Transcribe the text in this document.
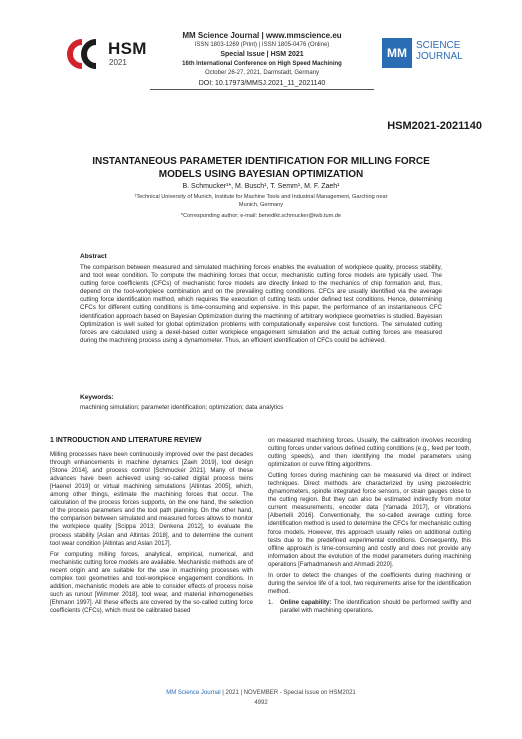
HSM
2021
MM Science Journal | www.mmscience.eu
ISSN 1803-1269 (Print) | ISSN 1805-0476 (Online)
Special Issue | HSM 2021
16th International Conference on High Speed Machining
October 26-27, 2021, Darmstadt, Germany
DOI: 10.17973/MMSJ.2021_11_2021140
MM
SCIENCE
JOURNAL
HSM2021-2021140
INSTANTANEOUS PARAMETER IDENTIFICATION FOR MILLING FORCE
MODELS USING BAYESIAN OPTIMIZATION
B. Schmucker¹*, M. Busch¹, T. Semm¹, M. F. Zaeh¹
¹Technical University of Munich, Institute for Machine Tools and Industrial Management, Garching near Munich, Germany
*Corresponding author; e-mail: benedikt.schmucker@iwb.tum.de
Abstract
The comparison between measured and simulated machining forces enables the evaluation of workpiece quality, process stability, and tool wear condition. To compute the machining forces that occur, mechanistic cutting force models are typically used. The cutting force coefficients (CFCs) of mechanistic force models are directly linked to the mechanics of chip formation and, thus, depend on the tool-workpiece combination and on the prevailing cutting conditions. CFCs are usually identified via the average cutting force identification method, which requires the execution of cutting tests under defined test conditions. Hence, determining CFCs for different cutting conditions is time-consuming and expensive. In this paper, the performance of an instantaneous CFC identification approach based on Bayesian Optimization during the machining of arbitrary workpiece geometries is studied. Bayesian Optimization is well suited for global optimization problems with computationally expensive cost functions. The simulated cutting forces are calculated using a dexel-based cutter workpiece engagement simulation and the actual cutting forces are measured during the machining process using a dynamometer. Thus, an efficient identification of CFCs could be achieved.
Keywords:
machining simulation; parameter identification; optimization; data analytics
1 INTRODUCTION AND LITERATURE REVIEW
Milling processes have been continuously improved over the past decades through enhancements in machine dynamics [Zaeh 2019], tool design [Stone 2014], and process control [Schmucker 2021]. Many of these advances have been achieved using so-called digital process twins [Haenel 2019] or virtual machining simulations [Altintas 2005], which, among other things, estimate the machining forces that occur. The calculation of the process forces supports, on the one hand, the selection of the process parameters and the tool path planning. On the other hand, the comparison between simulated and measured forces allows to monitor the workpiece quality [Scippa 2013; Denkena 2012], to evaluate the process stability [Aslan and Altintas 2018], and to determine the current tool wear condition [Altintas and Aslan 2017].
For computing milling forces, analytical, empirical, numerical, and mechanistic cutting force models are available. Mechanistic methods are of recent origin and are suitable for the use in machining processes with complex tool geometries and tool-workpiece engagement conditions. In addition, mechanistic models are able to consider effects of process noise such as runout [Wimmer 2018], tool wear, and material inhomogeneities [Ehmann 1997]. All these effects are covered by the so-called cutting force coefficients (CFCs), which must be calibrated based
on measured machining forces. Usually, the calibration involves recording cutting forces under various defined cutting conditions (e.g., feed per tooth, cutting speeds), and then identifying the model parameters using optimization or curve fitting algorithms.
Cutting forces during machining can be measured via direct or indirect techniques. Direct methods are characterized by using piezoelectric dynamometers, spindle integrated force sensors, or strain gauges close to the cutting region. But they can also be estimated indirectly from motor current measurements, encoder data [Yamada 2017], or vibrations [Albertelli 2016]. Conventionally, the so-called average cutting force identification method is used to determine the CFCs for mechanistic cutting force models. However, this approach usually relies on additional cutting tests due to the predefined experimental conditions. Consequently, this offline approach is time-consuming and costly and does not provide any information about the evolution of the model parameters during machining operations [Farhadmanesh and Ahmadi 2020].
In order to detect the changes of the coefficients during machining or during the service life of a tool, two requirements arise for the identification method.
1.	Online capability: The identification should be performed swiftly and parallel with machining operations.
MM Science Journal | 2021 | NOVEMBER - Special Issue on HSM2021
4992
